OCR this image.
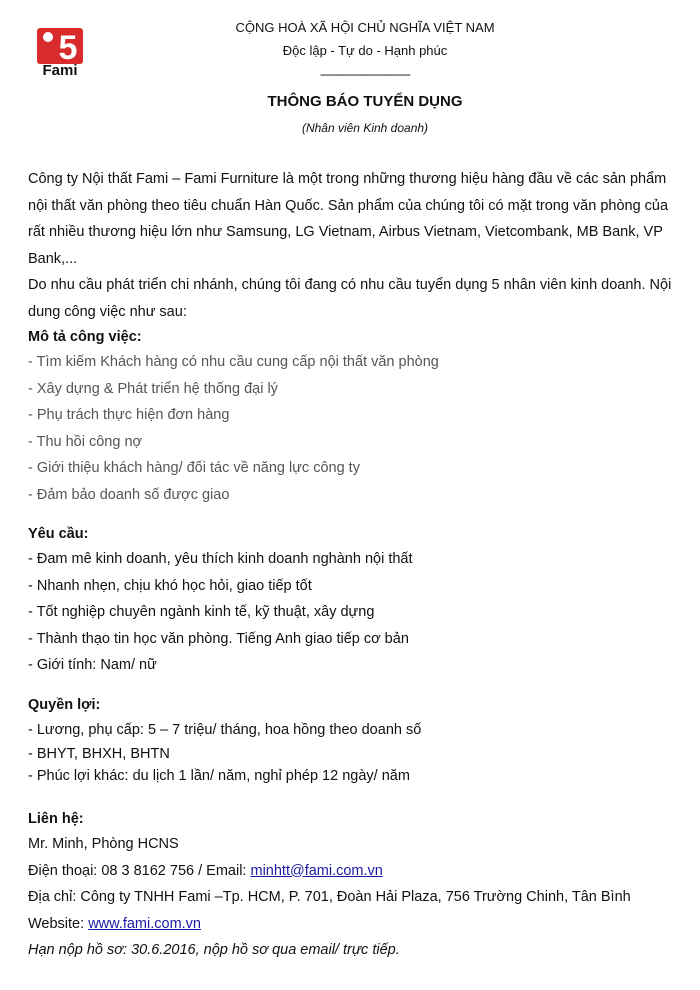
5
Fami
CỘNG HOÀ XÃ HỘI CHỦ NGHĨA VIỆT NAM
Độc lập - Tự do - Hạnh phúc
------------------------------
THÔNG BÁO TUYỂN DỤNG
(Nhân viên Kinh doanh)

Công ty Nội thất Fami – Fami Furniture là một trong những thương hiệu hàng đầu về các sản phẩm nội thất văn phòng theo tiêu chuẩn Hàn Quốc. Sản phẩm của chúng tôi có mặt trong văn phòng của rất nhiều thương hiệu lớn như Samsung, LG Vietnam, Airbus Vietnam, Vietcombank, MB Bank, VP Bank,...

Do nhu cầu phát triển chi nhánh, chúng tôi đang có nhu cầu tuyển dụng 5 nhân viên kinh doanh. Nội dung công việc như sau:

Mô tả công việc:

- Tìm kiếm Khách hàng có nhu cầu cung cấp nội thất văn phòng

- Xây dựng & Phát triển hệ thống đại lý

- Phụ trách thực hiện đơn hàng

- Thu hồi công nợ

- Giới thiệu khách hàng/ đối tác về năng lực công ty

- Đảm bảo doanh số được giao

Yêu cầu:

- Đam mê kinh doanh, yêu thích kinh doanh nghành nội thất

- Nhanh nhẹn, chịu khó học hỏi, giao tiếp tốt

- Tốt nghiệp chuyên ngành kinh tế, kỹ thuật, xây dựng

- Thành thạo tin học văn phòng. Tiếng Anh giao tiếp cơ bản

- Giới tính: Nam/ nữ

Quyền lợi:

- Lương, phụ cấp: 5 – 7 triệu/ tháng, hoa hồng theo doanh số

- BHYT, BHXH, BHTN

- Phúc lợi khác: du lịch 1 lần/ năm, nghỉ phép 12 ngày/ năm

Liên hệ:

Mr. Minh, Phòng HCNS

Điện thoại: 08 3 8162 756 / Email: minhtt@fami.com.vn

Địa chỉ: Công ty TNHH Fami –Tp. HCM, P. 701, Đoàn Hải Plaza, 756 Trường Chinh, Tân Bình

Website: www.fami.com.vn

Hạn nộp hồ sơ: 30.6.2016, nộp hồ sơ qua email/ trực tiếp.
